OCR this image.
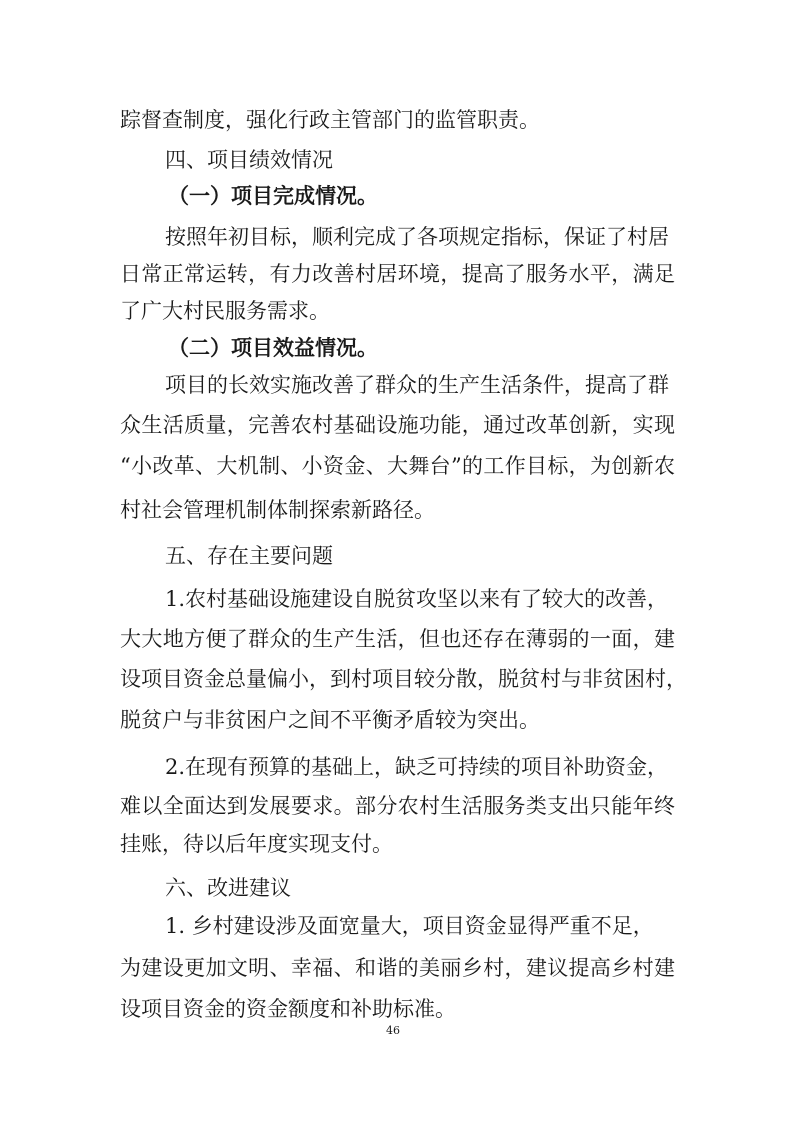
踪督查制度，强化行政主管部门的监管职责。

四、项目绩效情况

（一）项目完成情况。

按照年初目标，顺利完成了各项规定指标，保证了村居

日常正常运转，有力改善村居环境，提高了服务水平，满足

了广大村民服务需求。

（二）项目效益情况。

项目的长效实施改善了群众的生产生活条件，提高了群

众生活质量，完善农村基础设施功能，通过改革创新，实现

“小改革、大机制、小资金、大舞台”的工作目标，为创新农

村社会管理机制体制探索新路径。

五、存在主要问题

1.农村基础设施建设自脱贫攻坚以来有了较大的改善，

大大地方便了群众的生产生活，但也还存在薄弱的一面，建

设项目资金总量偏小，到村项目较分散，脱贫村与非贫困村，

脱贫户与非贫困户之间不平衡矛盾较为突出。

2.在现有预算的基础上，缺乏可持续的项目补助资金，

难以全面达到发展要求。部分农村生活服务类支出只能年终

挂账，待以后年度实现支付。

六、改进建议

1. 乡村建设涉及面宽量大，项目资金显得严重不足，

为建设更加文明、幸福、和谐的美丽乡村，建议提高乡村建

设项目资金的资金额度和补助标准。

46
